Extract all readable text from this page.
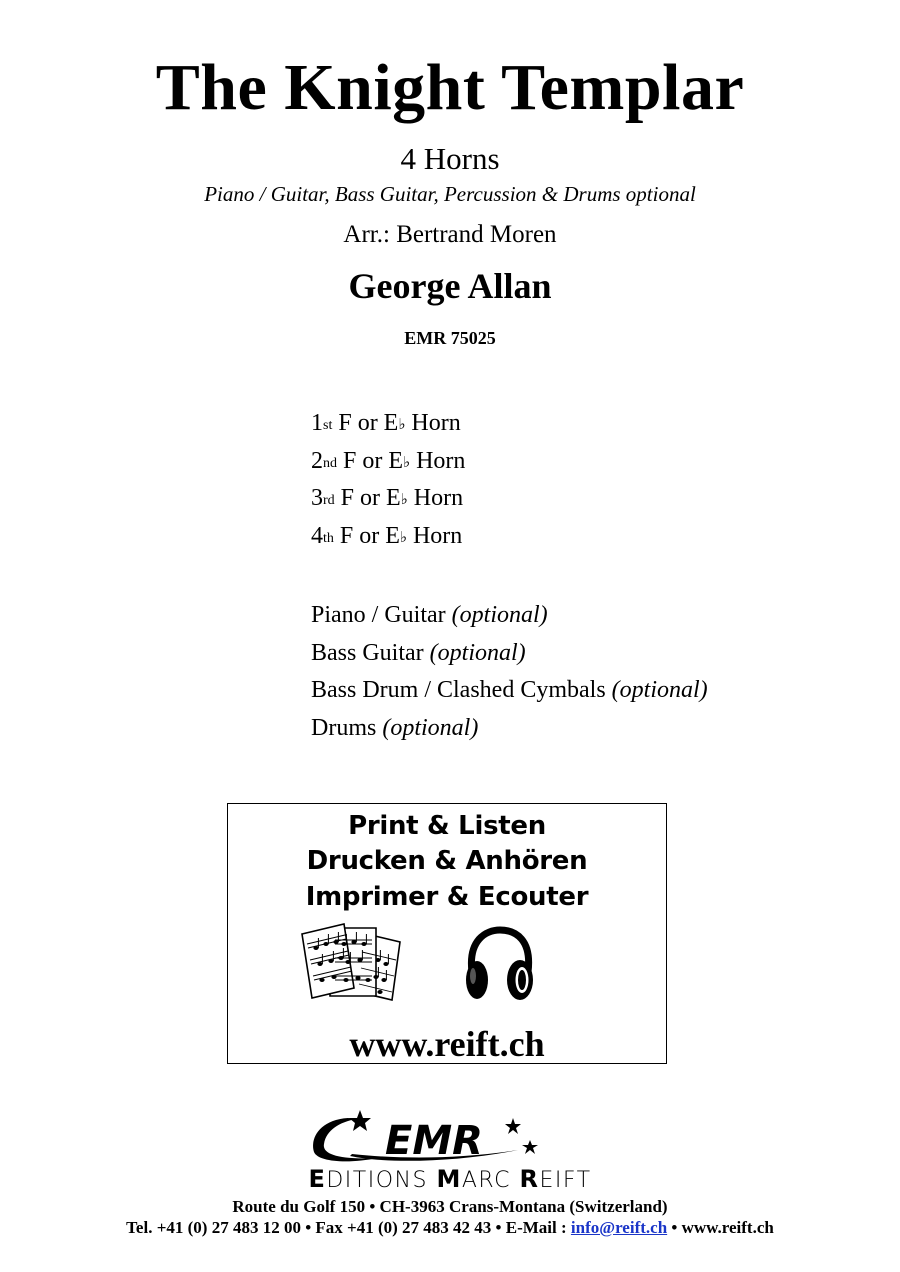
The Knight Templar
4 Horns
Piano / Guitar, Bass Guitar, Percussion & Drums optional
Arr.: Bertrand Moren
George Allan
EMR 75025
1st F or E♭ Horn
2nd F or E♭ Horn
3rd F or E♭ Horn
4th F or E♭ Horn
Piano / Guitar (optional)
Bass Guitar (optional)
Bass Drum / Clashed Cymbals (optional)
Drums (optional)
Print & Listen
Drucken & Anhören
Imprimer & Ecouter
www.reift.ch
EMR
EDITIONS MARC REIFT
Route du Golf 150 • CH-3963 Crans-Montana (Switzerland)
Tel. +41 (0) 27 483 12 00 • Fax +41 (0) 27 483 42 43 • E-Mail : info@reift.ch • www.reift.ch
